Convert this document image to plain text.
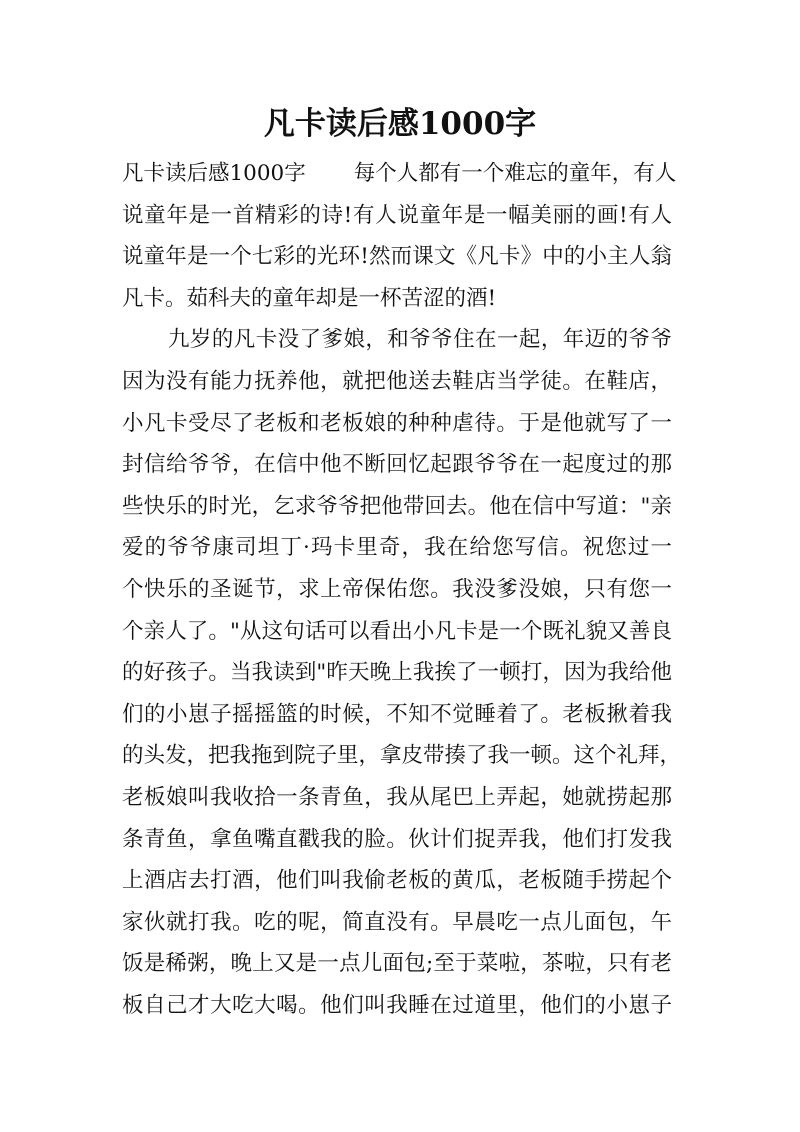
凡卡读后感1000字
凡卡读后感1000字 每个人都有一个难忘的童年，有人
说童年是一首精彩的诗!有人说童年是一幅美丽的画!有人
说童年是一个七彩的光环!然而课文《凡卡》中的小主人翁
凡卡。茹科夫的童年却是一杯苦涩的酒!
九岁的凡卡没了爹娘，和爷爷住在一起，年迈的爷爷
因为没有能力抚养他，就把他送去鞋店当学徒。在鞋店，
小凡卡受尽了老板和老板娘的种种虐待。于是他就写了一
封信给爷爷，在信中他不断回忆起跟爷爷在一起度过的那
些快乐的时光，乞求爷爷把他带回去。他在信中写道："亲
爱的爷爷康司坦丁·玛卡里奇，我在给您写信。祝您过一
个快乐的圣诞节，求上帝保佑您。我没爹没娘，只有您一
个亲人了。"从这句话可以看出小凡卡是一个既礼貌又善良
的好孩子。当我读到"昨天晚上我挨了一顿打，因为我给他
们的小崽子摇摇篮的时候，不知不觉睡着了。老板揪着我
的头发，把我拖到院子里，拿皮带揍了我一顿。这个礼拜，
老板娘叫我收拾一条青鱼，我从尾巴上弄起，她就捞起那
条青鱼，拿鱼嘴直戳我的脸。伙计们捉弄我，他们打发我
上酒店去打酒，他们叫我偷老板的黄瓜，老板随手捞起个
家伙就打我。吃的呢，简直没有。早晨吃一点儿面包，午
饭是稀粥，晚上又是一点儿面包;至于菜啦，茶啦，只有老
板自己才大吃大喝。他们叫我睡在过道里，他们的小崽子
